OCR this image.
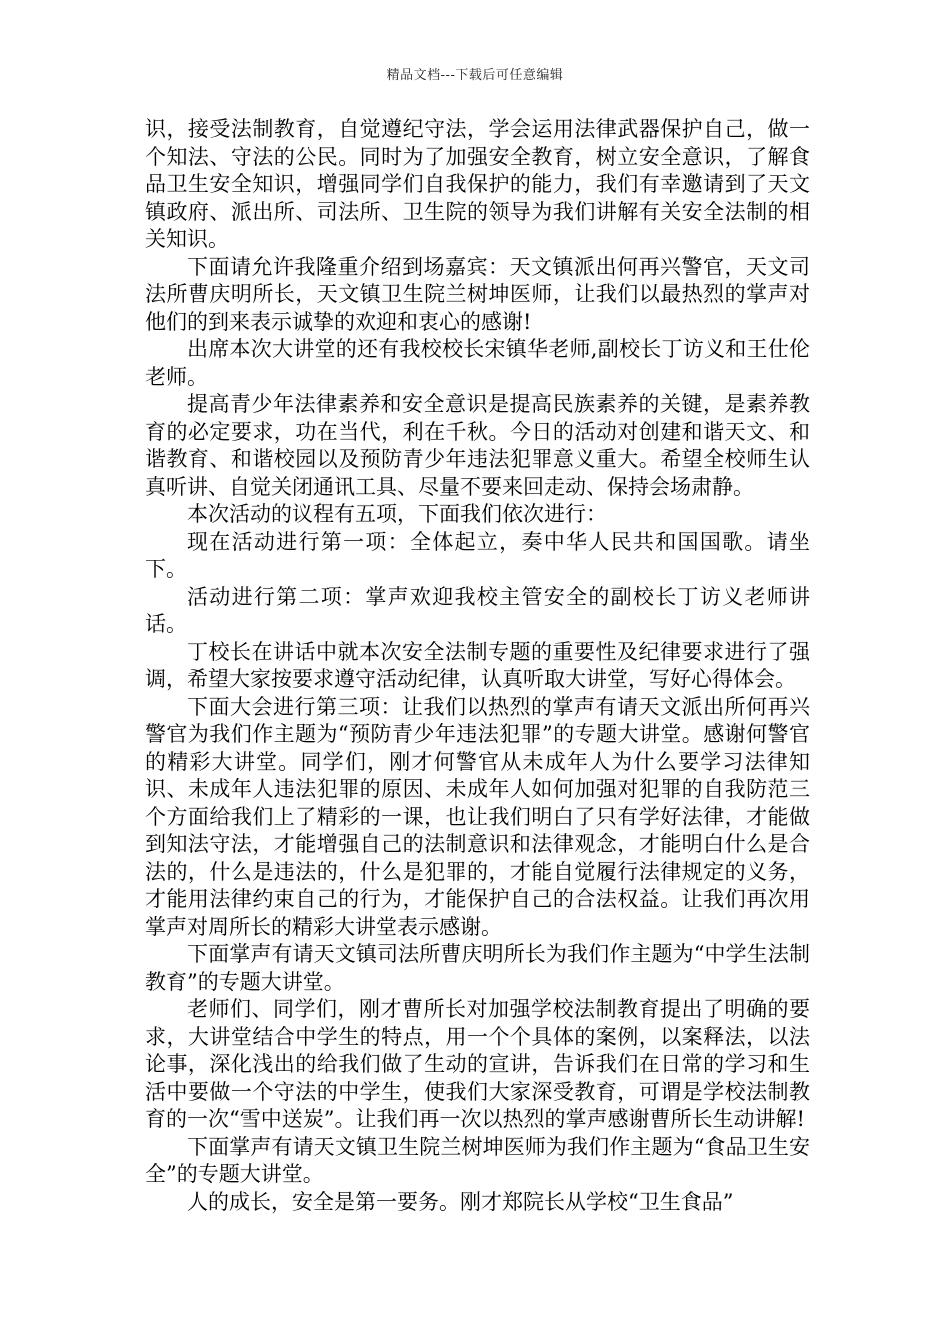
精品文档---下载后可任意编辑

识，接受法制教育，自觉遵纪守法，学会运用法律武器保护自己，做一个知法、守法的公民。同时为了加强安全教育，树立安全意识，了解食品卫生安全知识，增强同学们自我保护的能力，我们有幸邀请到了天文镇政府、派出所、司法所、卫生院的领导为我们讲解有关安全法制的相关知识。

下面请允许我隆重介绍到场嘉宾：天文镇派出何再兴警官，天文司法所曹庆明所长，天文镇卫生院兰树坤医师，让我们以最热烈的掌声对他们的到来表示诚挚的欢迎和衷心的感谢!

出席本次大讲堂的还有我校校长宋镇华老师,副校长丁访义和王仕伦老师。

提高青少年法律素养和安全意识是提高民族素养的关键，是素养教育的必定要求，功在当代，利在千秋。今日的活动对创建和谐天文、和谐教育、和谐校园以及预防青少年违法犯罪意义重大。希望全校师生认真听讲、自觉关闭通讯工具、尽量不要来回走动、保持会场肃静。

本次活动的议程有五项，下面我们依次进行：

现在活动进行第一项：全体起立，奏中华人民共和国国歌。请坐下。

活动进行第二项：掌声欢迎我校主管安全的副校长丁访义老师讲话。

丁校长在讲话中就本次安全法制专题的重要性及纪律要求进行了强调，希望大家按要求遵守活动纪律，认真听取大讲堂，写好心得体会。

下面大会进行第三项：让我们以热烈的掌声有请天文派出所何再兴警官为我们作主题为“预防青少年违法犯罪”的专题大讲堂。感谢何警官的精彩大讲堂。同学们，刚才何警官从未成年人为什么要学习法律知识、未成年人违法犯罪的原因、未成年人如何加强对犯罪的自我防范三个方面给我们上了精彩的一课，也让我们明白了只有学好法律，才能做到知法守法，才能增强自己的法制意识和法律观念，才能明白什么是合法的，什么是违法的，什么是犯罪的，才能自觉履行法律规定的义务，才能用法律约束自己的行为，才能保护自己的合法权益。让我们再次用掌声对周所长的精彩大讲堂表示感谢。

下面掌声有请天文镇司法所曹庆明所长为我们作主题为“中学生法制教育”的专题大讲堂。

老师们、同学们，刚才曹所长对加强学校法制教育提出了明确的要求，大讲堂结合中学生的特点，用一个个具体的案例，以案释法，以法论事，深化浅出的给我们做了生动的宣讲，告诉我们在日常的学习和生活中要做一个守法的中学生，使我们大家深受教育，可谓是学校法制教育的一次“雪中送炭”。让我们再一次以热烈的掌声感谢曹所长生动讲解!

下面掌声有请天文镇卫生院兰树坤医师为我们作主题为“食品卫生安全”的专题大讲堂。

人的成长，安全是第一要务。刚才郑院长从学校“卫生食品”
